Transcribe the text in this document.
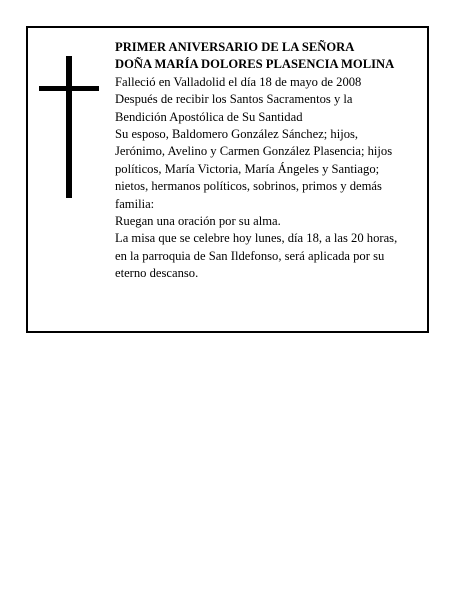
PRIMER ANIVERSARIO DE LA SEÑORA
DOÑA MARÍA DOLORES PLASENCIA MOLINA
Falleció en Valladolid el día 18 de mayo de 2008
Después de recibir los Santos Sacramentos y la
Bendición Apostólica de Su Santidad
Su esposo, Baldomero González Sánchez; hijos,
Jerónimo, Avelino y Carmen González Plasencia; hijos
políticos, María Victoria, María Ángeles y Santiago;
nietos, hermanos políticos, sobrinos, primos y demás
familia:
Ruegan una oración por su alma.
La misa que se celebre hoy lunes, día 18, a las 20 horas,
en la parroquia de San Ildefonso, será aplicada por su
eterno descanso.
